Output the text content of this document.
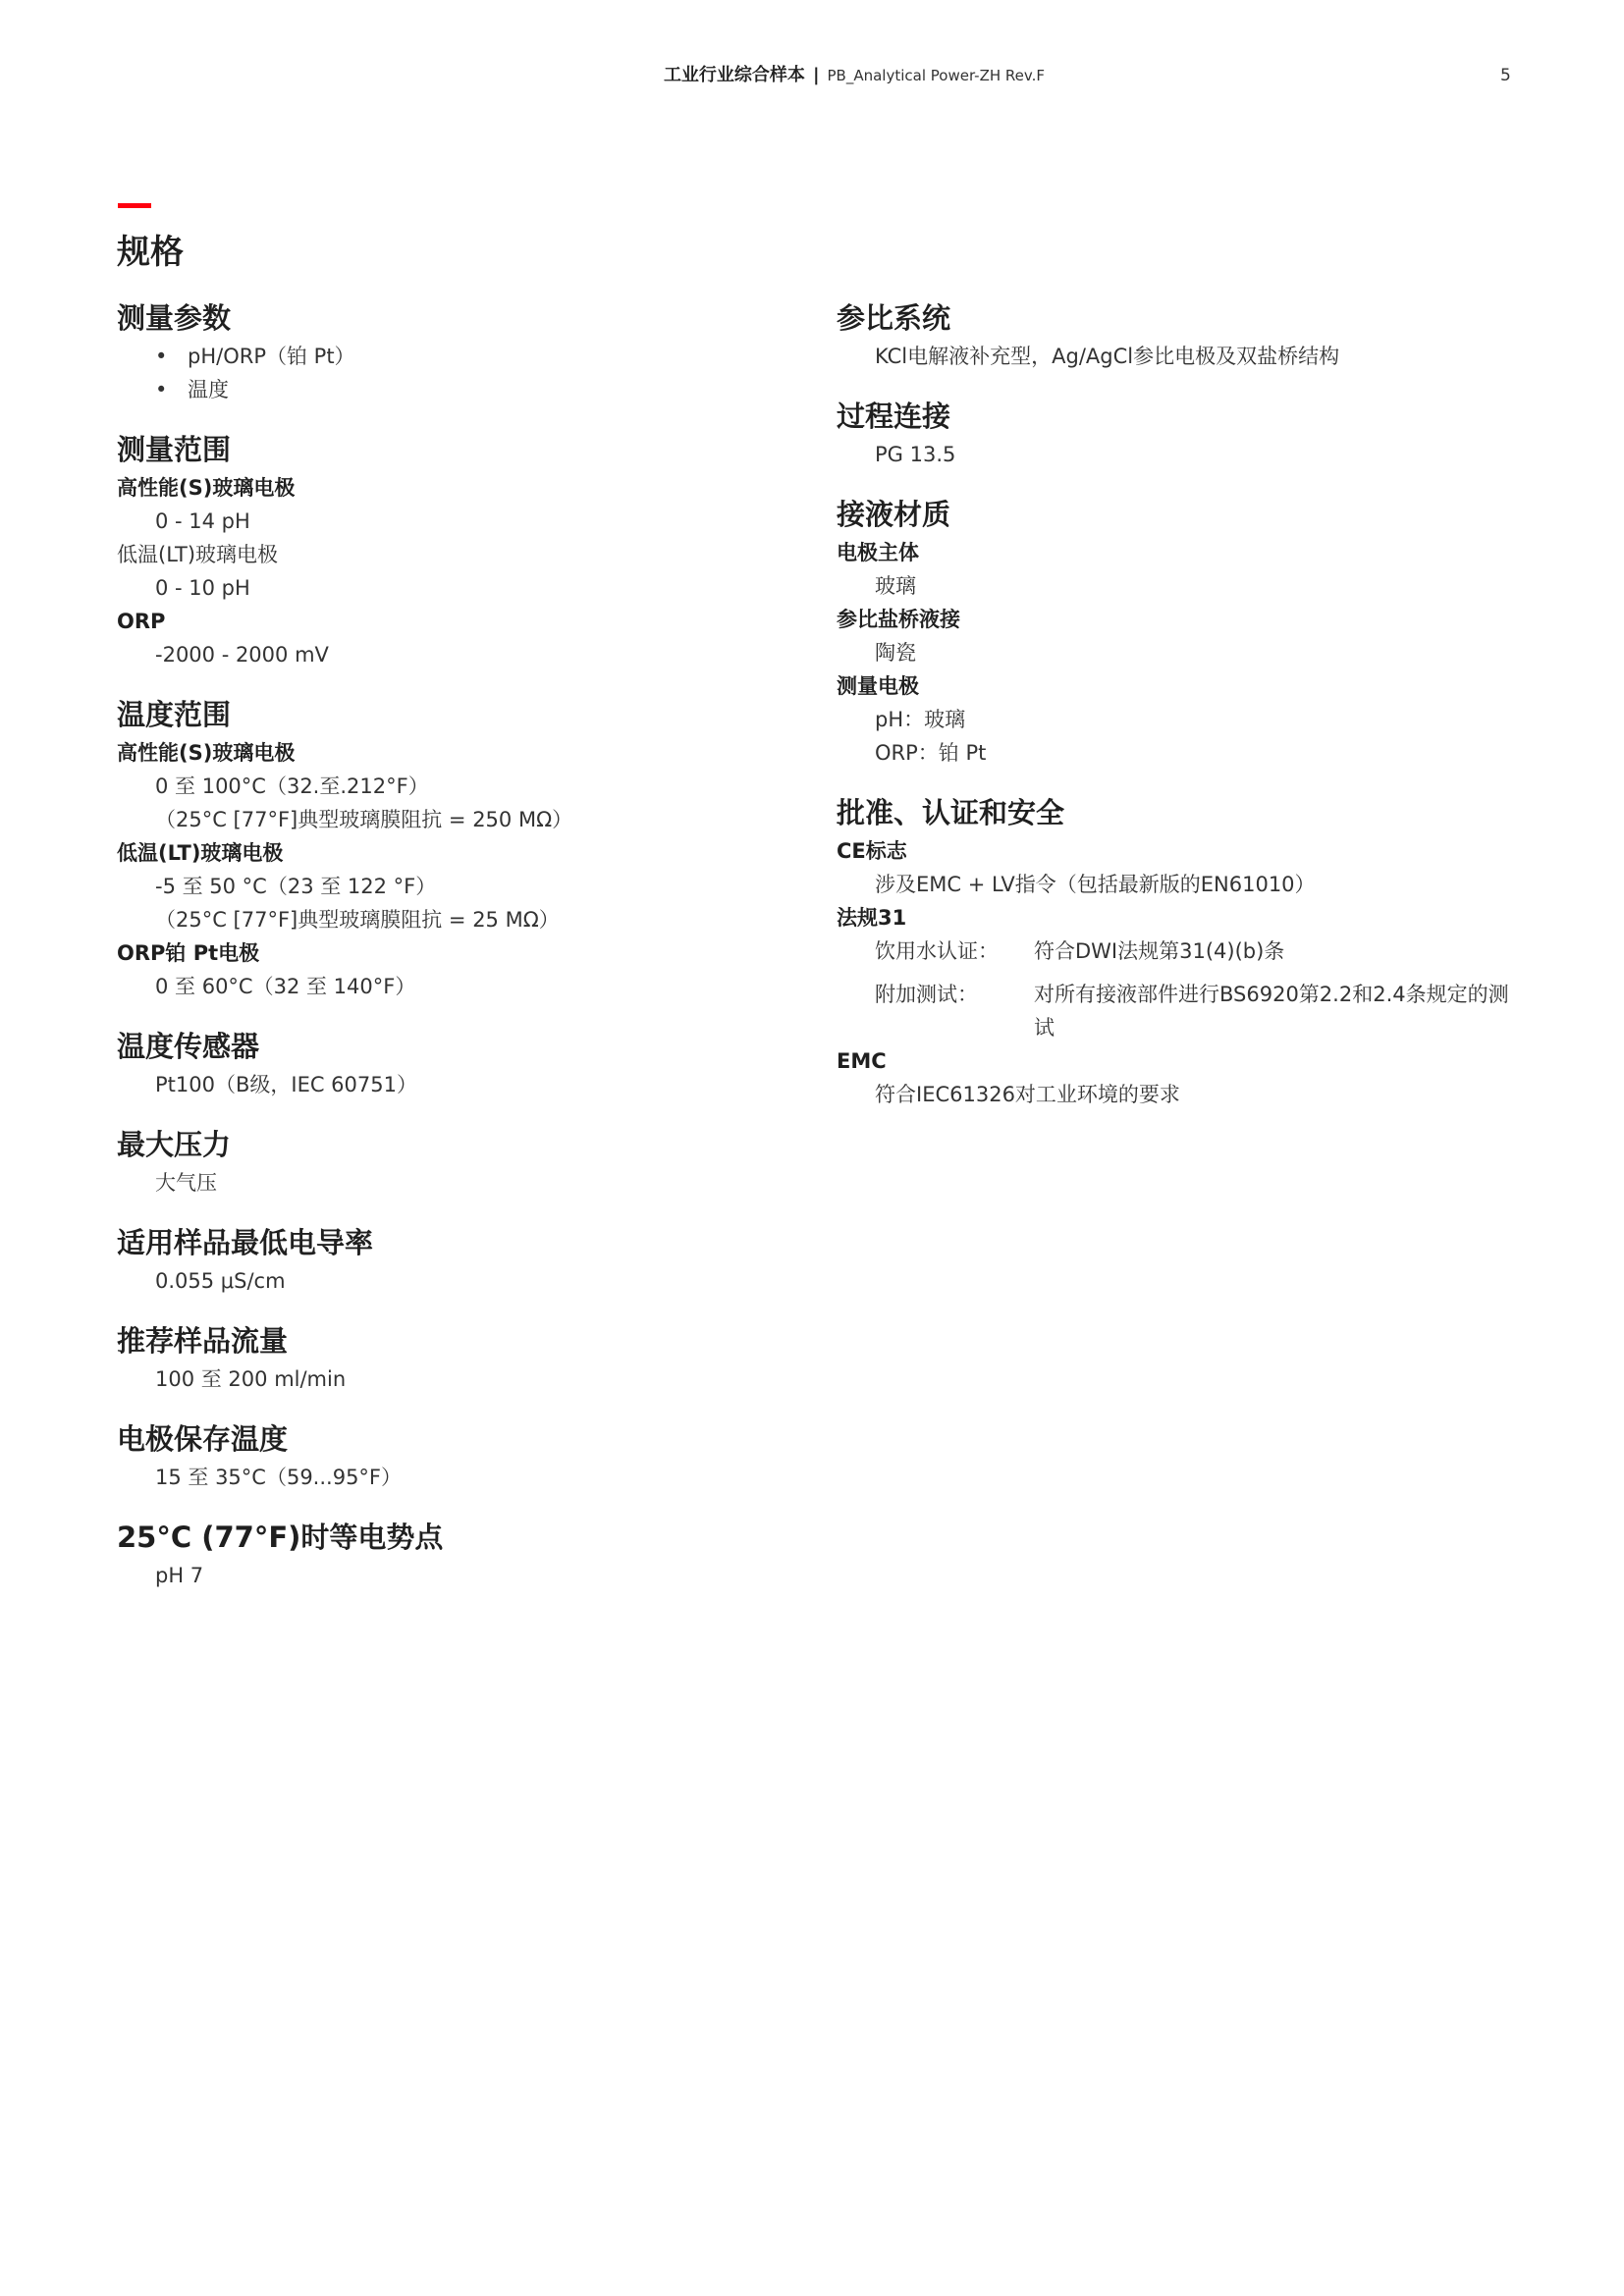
工业行业综合样本 | PB_Analytical Power-ZH Rev.F	5
规格
测量参数
• pH/ORP（铂 Pt）
• 温度
测量范围
高性能(S)玻璃电极
0 - 14 pH
低温(LT)玻璃电极
0 - 10 pH
ORP
-2000 - 2000 mV
温度范围
高性能(S)玻璃电极
0 至 100°C（32.至.212°F）
（25°C [77°F]典型玻璃膜阻抗 = 250 MΩ）
低温(LT)玻璃电极
-5 至 50 °C（23 至 122 °F）
（25°C [77°F]典型玻璃膜阻抗 = 25 MΩ）
ORP铂 Pt电极
0 至 60°C（32 至 140°F）
温度传感器
Pt100（B级，IEC 60751）
最大压力
大气压
适用样品最低电导率
0.055 μS/cm
推荐样品流量
100 至 200 ml/min
电极保存温度
15 至 35°C（59...95°F）
25°C (77°F)时等电势点
pH 7
参比系统
KCl电解液补充型，Ag/AgCl参比电极及双盐桥结构
过程连接
PG 13.5
接液材质
电极主体
玻璃
参比盐桥液接
陶瓷
测量电极
pH：玻璃
ORP：铂 Pt
批准、认证和安全
CE标志
涉及EMC + LV指令（包括最新版的EN61010）
法规31
饮用水认证：	符合DWI法规第31(4)(b)条
附加测试：	对所有接液部件进行BS6920第2.2和2.4条规定的测试
EMC
符合IEC61326对工业环境的要求
